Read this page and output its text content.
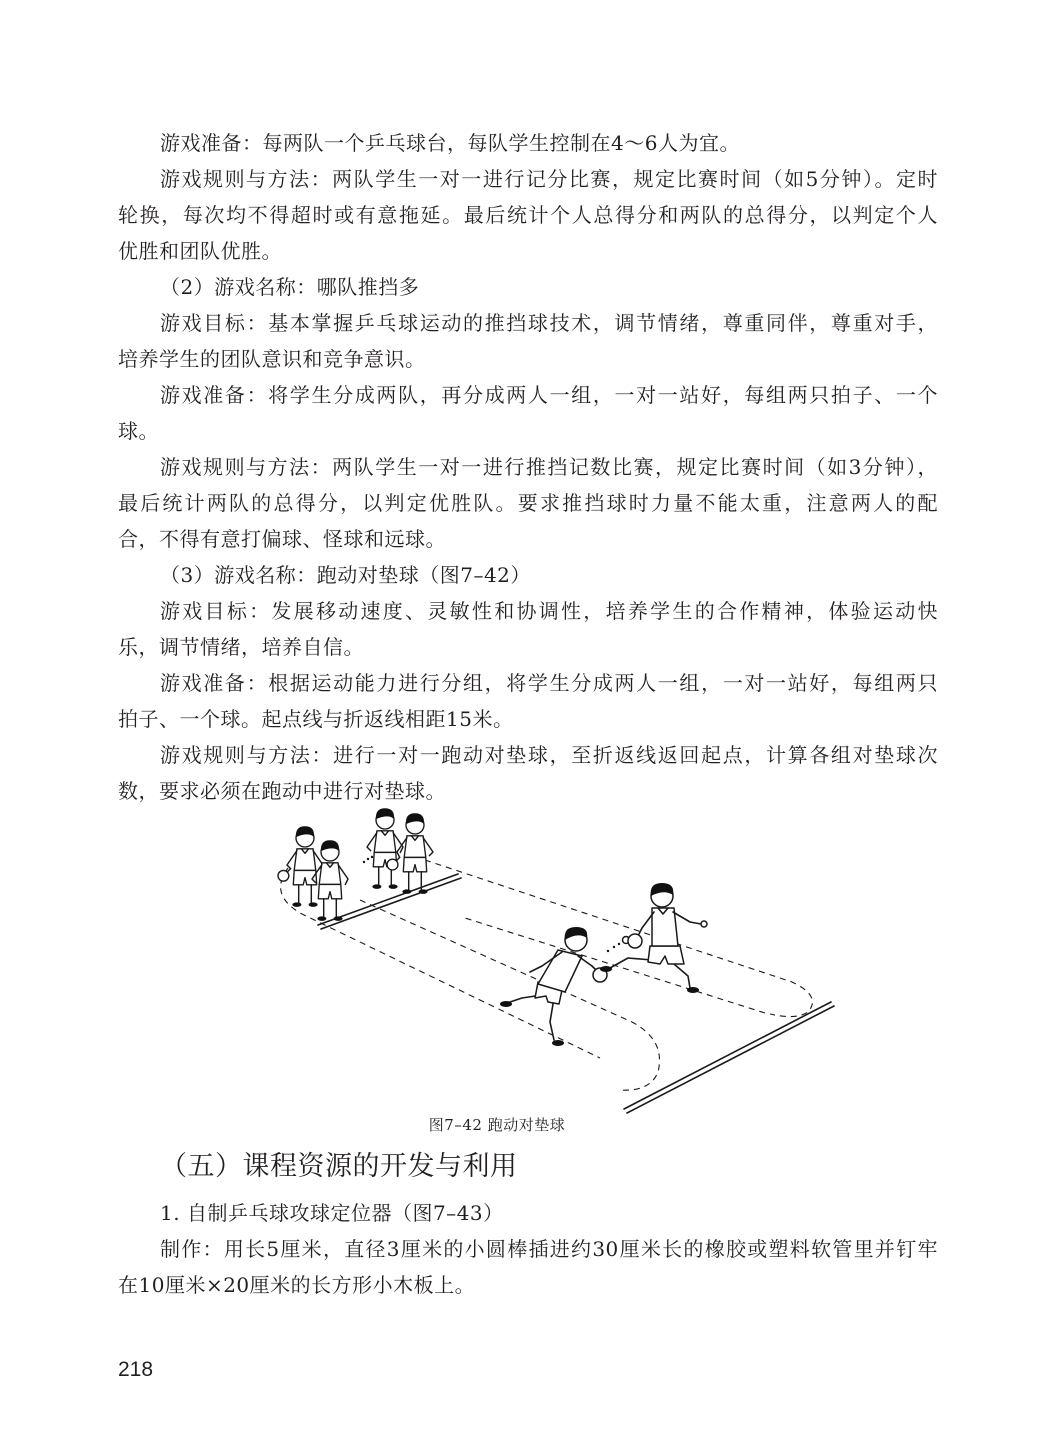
游戏准备：每两队一个乒乓球台，每队学生控制在4～6人为宜。
游戏规则与方法：两队学生一对一进行记分比赛，规定比赛时间（如5分钟）。定时
轮换，每次均不得超时或有意拖延。最后统计个人总得分和两队的总得分，以判定个人
优胜和团队优胜。
（2）游戏名称：哪队推挡多
游戏目标：基本掌握乒乓球运动的推挡球技术，调节情绪，尊重同伴，尊重对手，
培养学生的团队意识和竞争意识。
游戏准备：将学生分成两队，再分成两人一组，一对一站好，每组两只拍子、一个
球。
游戏规则与方法：两队学生一对一进行推挡记数比赛，规定比赛时间（如3分钟），
最后统计两队的总得分，以判定优胜队。要求推挡球时力量不能太重，注意两人的配
合，不得有意打偏球、怪球和远球。
（3）游戏名称：跑动对垫球（图7–42）
游戏目标：发展移动速度、灵敏性和协调性，培养学生的合作精神，体验运动快
乐，调节情绪，培养自信。
游戏准备：根据运动能力进行分组，将学生分成两人一组，一对一站好，每组两只
拍子、一个球。起点线与折返线相距15米。
游戏规则与方法：进行一对一跑动对垫球，至折返线返回起点，计算各组对垫球次
数，要求必须在跑动中进行对垫球。
图7–42 跑动对垫球
（五）课程资源的开发与利用
1. 自制乒乓球攻球定位器（图7–43）
制作：用长5厘米，直径3厘米的小圆棒插进约30厘米长的橡胶或塑料软管里并钉牢
在10厘米×20厘米的长方形小木板上。
218
